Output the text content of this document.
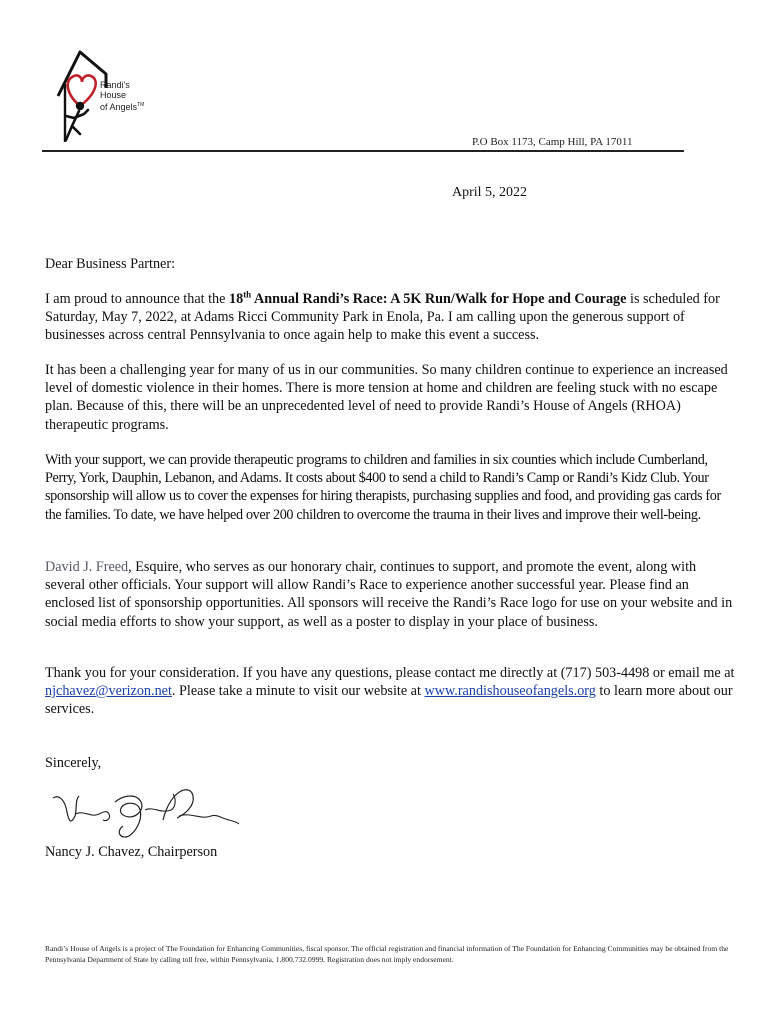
Randi's
House
of Angels™
P.O Box 1173, Camp Hill, PA 17011
April 5, 2022
Dear Business Partner:
I am proud to announce that the 18th Annual Randi’s Race: A 5K Run/Walk for Hope and Courage is scheduled for Saturday, May 7, 2022, at Adams Ricci Community Park in Enola, Pa. I am calling upon the generous support of businesses across central Pennsylvania to once again help to make this event a success.
It has been a challenging year for many of us in our communities. So many children continue to experience an increased level of domestic violence in their homes. There is more tension at home and children are feeling stuck with no escape plan. Because of this, there will be an unprecedented level of need to provide Randi’s House of Angels (RHOA) therapeutic programs.
With your support, we can provide therapeutic programs to children and families in six counties which include Cumberland, Perry, York, Dauphin, Lebanon, and Adams. It costs about $400 to send a child to Randi’s Camp or Randi’s Kidz Club. Your sponsorship will allow us to cover the expenses for hiring therapists, purchasing supplies and food, and providing gas cards for the families. To date, we have helped over 200 children to overcome the trauma in their lives and improve their well-being.
David J. Freed, Esquire, who serves as our honorary chair, continues to support, and promote the event, along with several other officials. Your support will allow Randi’s Race to experience another successful year. Please find an enclosed list of sponsorship opportunities. All sponsors will receive the Randi’s Race logo for use on your website and in social media efforts to show your support, as well as a poster to display in your place of business.
Thank you for your consideration. If you have any questions, please contact me directly at (717) 503-4498 or email me at njchavez@verizon.net. Please take a minute to visit our website at www.randishouseofangels.org to learn more about our services.
Sincerely,
Nancy J. Chavez, Chairperson
Randi’s House of Angels is a project of The Foundation for Enhancing Communities, fiscal sponsor. The official registration and financial information of The Foundation for Enhancing Communities may be obtained from the Pennsylvania Department of State by calling toll free, within Pennsylvania, 1.800.732.0999. Registration does not imply endorsement.
